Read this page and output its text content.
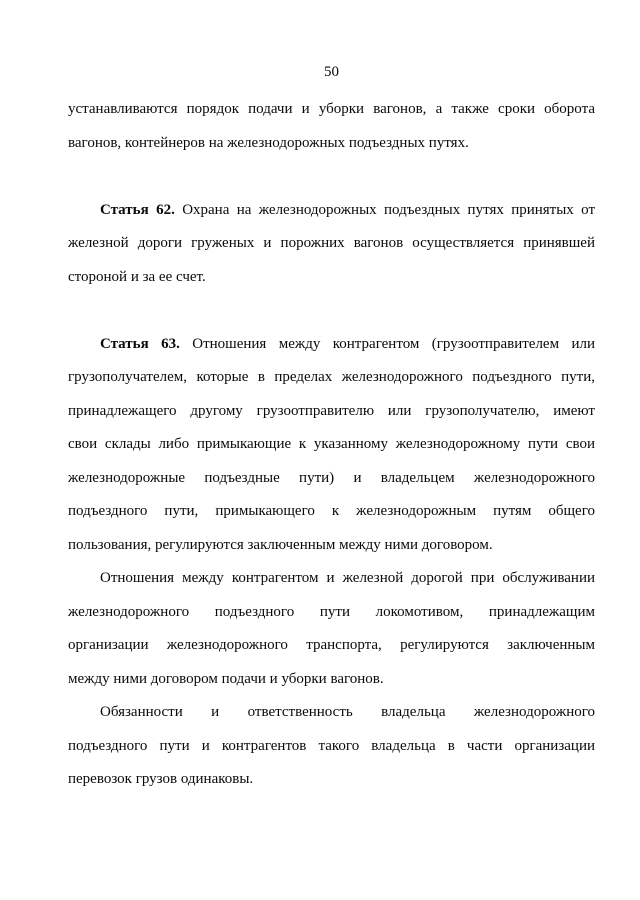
50
устанавливаются порядок подачи и уборки вагонов, а также сроки оборота
вагонов, контейнеров на железнодорожных подъездных путях.
Статья 62. Охрана на железнодорожных подъездных путях принятых от
железной дороги груженых и порожних вагонов осуществляется принявшей
стороной и за ее счет.
Статья 63. Отношения между контрагентом (грузоотправителем или
грузополучателем, которые в пределах железнодорожного подъездного пути,
принадлежащего другому грузоотправителю или грузополучателю, имеют
свои склады либо примыкающие к указанному железнодорожному пути свои
железнодорожные подъездные пути) и владельцем железнодорожного
подъездного пути, примыкающего к железнодорожным путям общего
пользования, регулируются заключенным между ними договором.
Отношения между контрагентом и железной дорогой при обслуживании
железнодорожного подъездного пути локомотивом, принадлежащим
организации железнодорожного транспорта, регулируются заключенным
между ними договором подачи и уборки вагонов.
Обязанности и ответственность владельца железнодорожного
подъездного пути и контрагентов такого владельца в части организации
перевозок грузов одинаковы.
